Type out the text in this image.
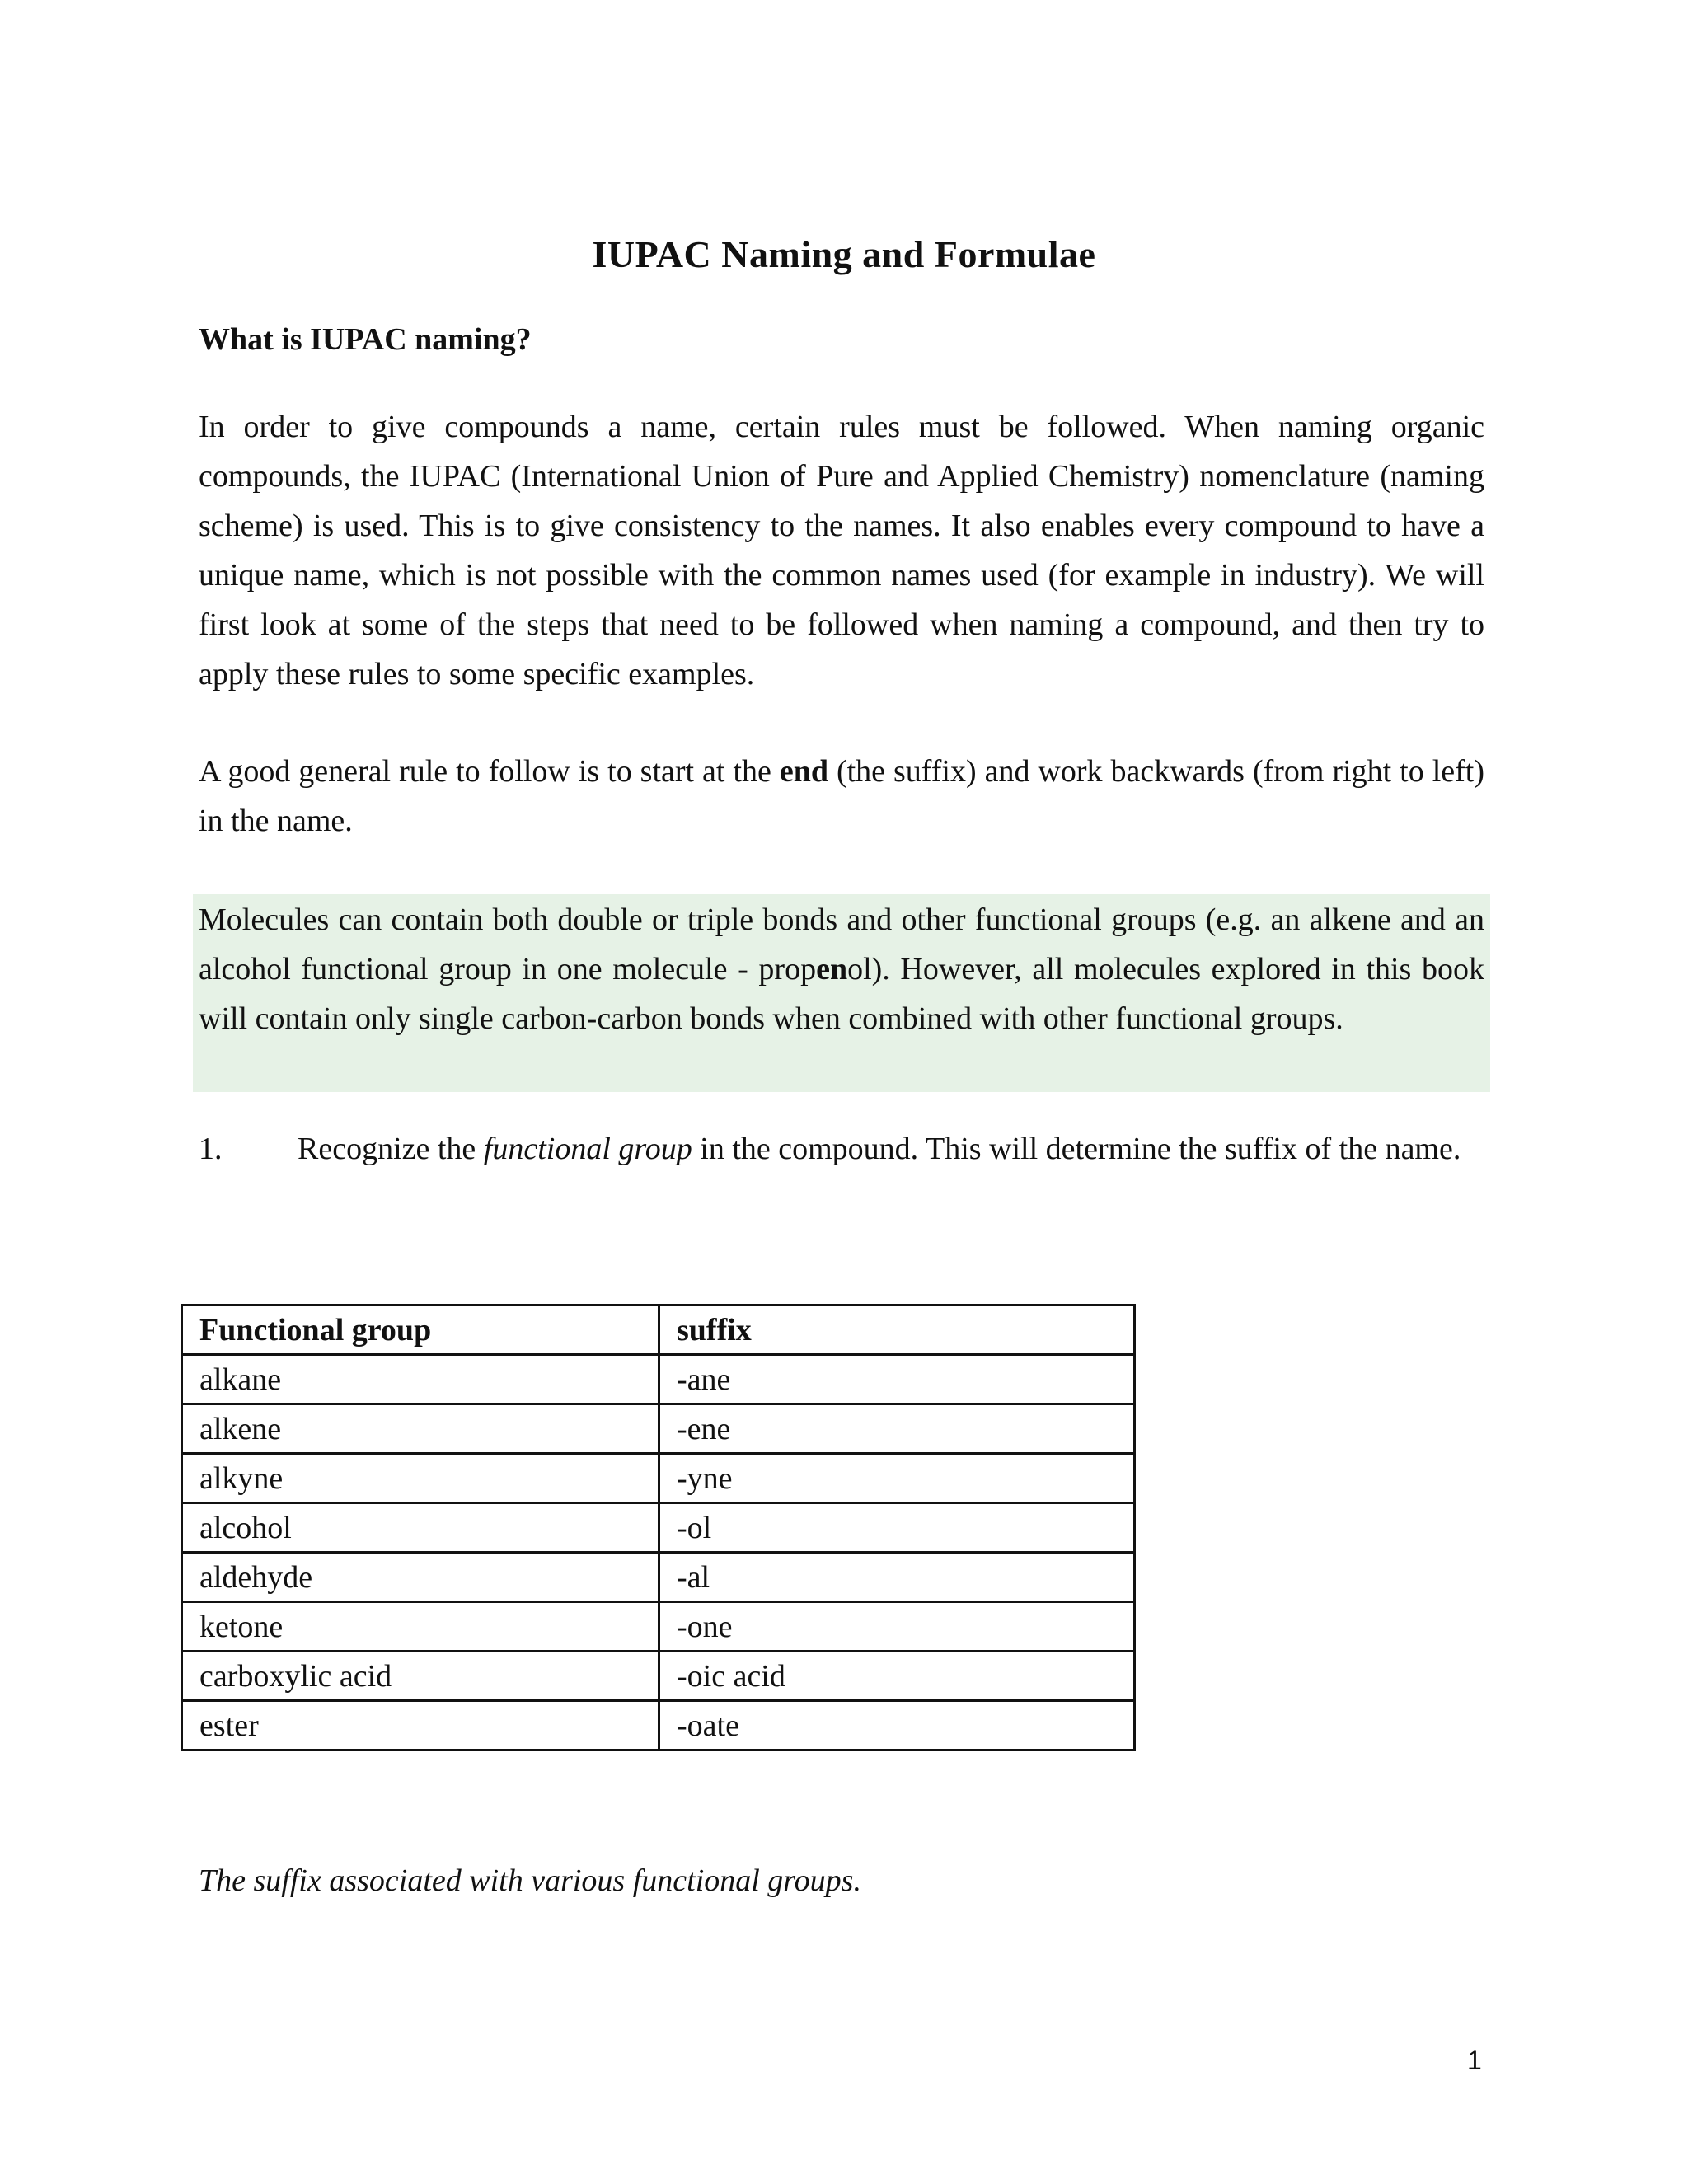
IUPAC Naming and Formulae
What is IUPAC naming?
In order to give compounds a name, certain rules must be followed. When naming organic compounds, the IUPAC (International Union of Pure and Applied Chemistry) nomenclature (naming scheme) is used. This is to give consistency to the names. It also enables every compound to have a unique name, which is not possible with the common names used (for example in industry). We will first look at some of the steps that need to be followed when naming a compound, and then try to apply these rules to some specific examples.
A good general rule to follow is to start at the end (the suffix) and work backwards (from right to left) in the name.
Molecules can contain both double or triple bonds and other functional groups (e.g. an alkene and an alcohol functional group in one molecule - propenol). However, all molecules explored in this book will contain only single carbon-carbon bonds when combined with other functional groups.
1. Recognize the functional group in the compound. This will determine the suffix of the name.
Functional group	suffix
alkane	-ane
alkene	-ene
alkyne	-yne
alcohol	-ol
aldehyde	-al
ketone	-one
carboxylic acid	-oic acid
ester	-oate
The suffix associated with various functional groups.
1
